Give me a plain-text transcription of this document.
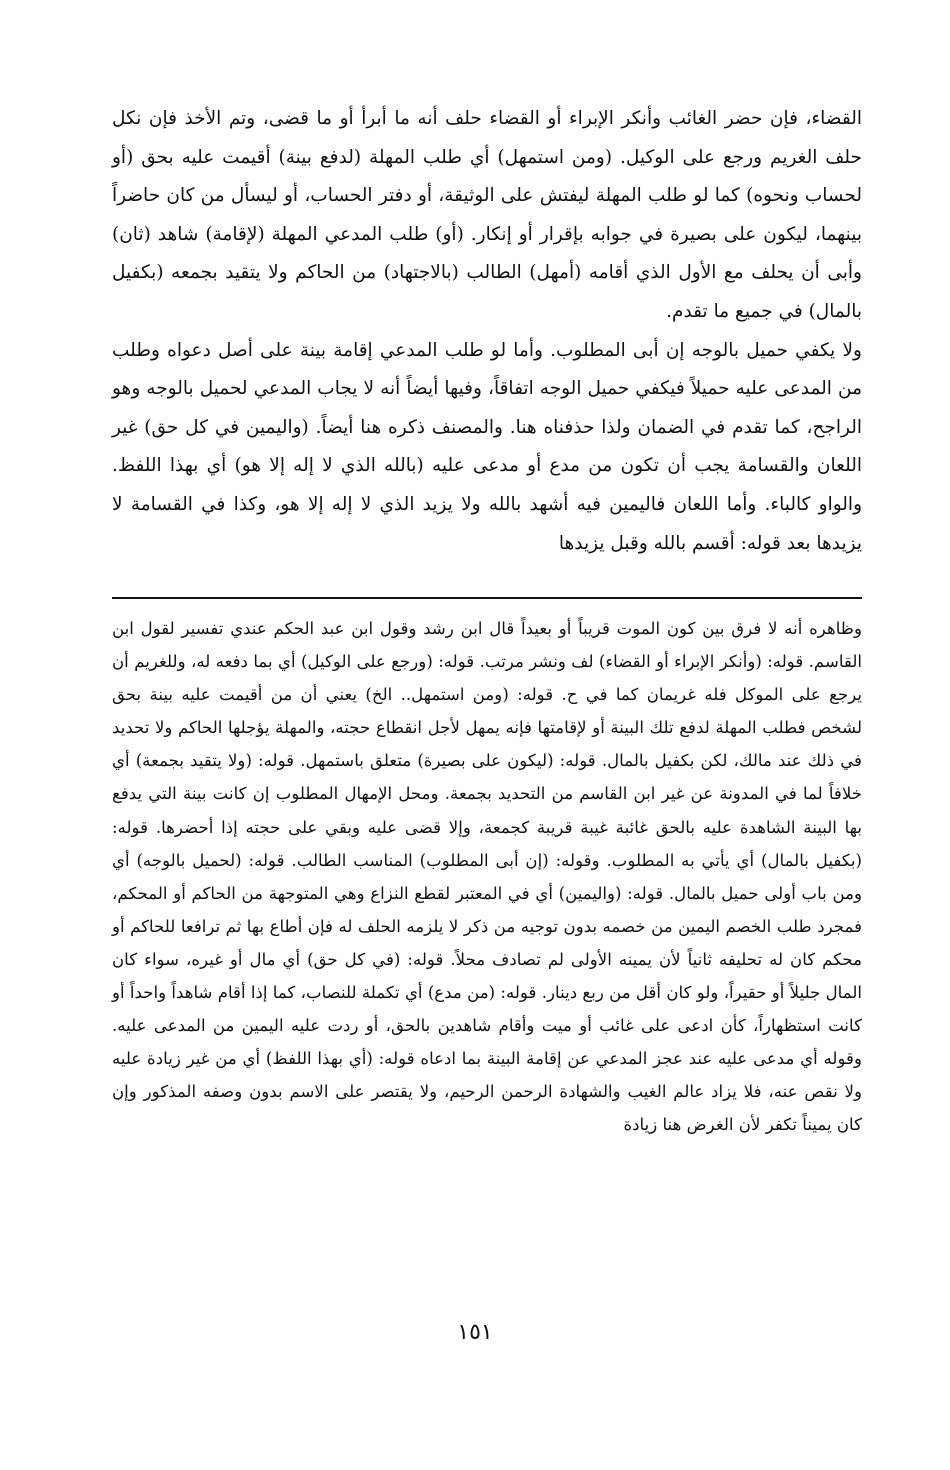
القضاء، فإن حضر الغائب وأنكر الإبراء أو القضاء حلف أنه ما أبرأ أو ما قضى، وتم الأخذ فإن نكل حلف الغريم ورجع على الوكيل. (ومن استمهل) أي طلب المهلة (لدفع بينة) أقيمت عليه بحق (أو لحساب ونحوه) كما لو طلب المهلة ليفتش على الوثيقة، أو دفتر الحساب، أو ليسأل من كان حاضراً بينهما، ليكون على بصيرة في جوابه بإقرار أو إنكار. (أو) طلب المدعي المهلة (لإقامة) شاهد (ثان) وأبى أن يحلف مع الأول الذي أقامه (أمهل) الطالب (بالاجتهاد) من الحاكم ولا يتقيد بجمعه (بكفيل بالمال) في جميع ما تقدم.

ولا يكفي حميل بالوجه إن أبى المطلوب. وأما لو طلب المدعي إقامة بينة على أصل دعواه وطلب من المدعى عليه حميلاً فيكفي حميل الوجه اتفاقاً، وفيها أيضاً أنه لا يجاب المدعي لحميل بالوجه وهو الراجح، كما تقدم في الضمان ولذا حذفناه هنا. والمصنف ذكره هنا أيضاً. (واليمين في كل حق) غير اللعان والقسامة يجب أن تكون من مدع أو مدعى عليه (بالله الذي لا إله إلا هو) أي بهذا اللفظ. والواو كالباء. وأما اللعان فاليمين فيه أشهد بالله ولا يزيد الذي لا إله إلا هو، وكذا في القسامة لا يزيدها بعد قوله: أقسم بالله وقبل يزيدها

وظاهره أنه لا فرق بين كون الموت قريباً أو بعيداً قال ابن رشد وقول ابن عبد الحكم عندي تفسير لقول ابن القاسم. قوله: (وأنكر الإبراء أو القضاء) لف ونشر مرتب. قوله: (ورجع على الوكيل) أي بما دفعه له، وللغريم أن يرجع على الموكل فله غريمان كما في ح. قوله: (ومن استمهل.. الخ) يعني أن من أقيمت عليه بينة بحق لشخص فطلب المهلة لدفع تلك البينة أو لإقامتها فإنه يمهل لأجل انقطاع حجته، والمهلة يؤجلها الحاكم ولا تحديد في ذلك عند مالك، لكن بكفيل بالمال. قوله: (ليكون على بصيرة) متعلق باستمهل. قوله: (ولا يتقيد بجمعة) أي خلافاً لما في المدونة عن غير ابن القاسم من التحديد بجمعة. ومحل الإمهال المطلوب إن كانت بينة التي يدفع بها البينة الشاهدة عليه بالحق غائبة غيبة قريبة كجمعة، وإلا قضى عليه وبقي على حجته إذا أحضرها. قوله: (بكفيل بالمال) أي يأتي به المطلوب. وقوله: (إن أبى المطلوب) المناسب الطالب. قوله: (لحميل بالوجه) أي ومن باب أولى حميل بالمال. قوله: (واليمين) أي في المعتبر لقطع النزاع وهي المتوجهة من الحاكم أو المحكم، فمجرد طلب الخصم اليمين من خصمه بدون توجيه من ذكر لا يلزمه الحلف له فإن أطاع بها ثم ترافعا للحاكم أو محكم كان له تحليفه ثانياً لأن يمينه الأولى لم تصادف محلاً. قوله: (في كل حق) أي مال أو غيره، سواء كان المال جليلاً أو حقيراً، ولو كان أقل من ربع دينار. قوله: (من مدع) أي تكملة للنصاب، كما إذا أقام شاهداً واحداً أو كانت استظهاراً، كأن ادعى على غائب أو ميت وأقام شاهدين بالحق، أو ردت عليه اليمين من المدعى عليه. وقوله أي مدعى عليه عند عجز المدعي عن إقامة البينة بما ادعاه قوله: (أي بهذا اللفظ) أي من غير زيادة عليه ولا نقص عنه، فلا يزاد عالم الغيب والشهادة الرحمن الرحيم، ولا يقتصر على الاسم بدون وصفه المذكور وإن كان يميناً تكفر لأن الغرض هنا زيادة

١٥١
